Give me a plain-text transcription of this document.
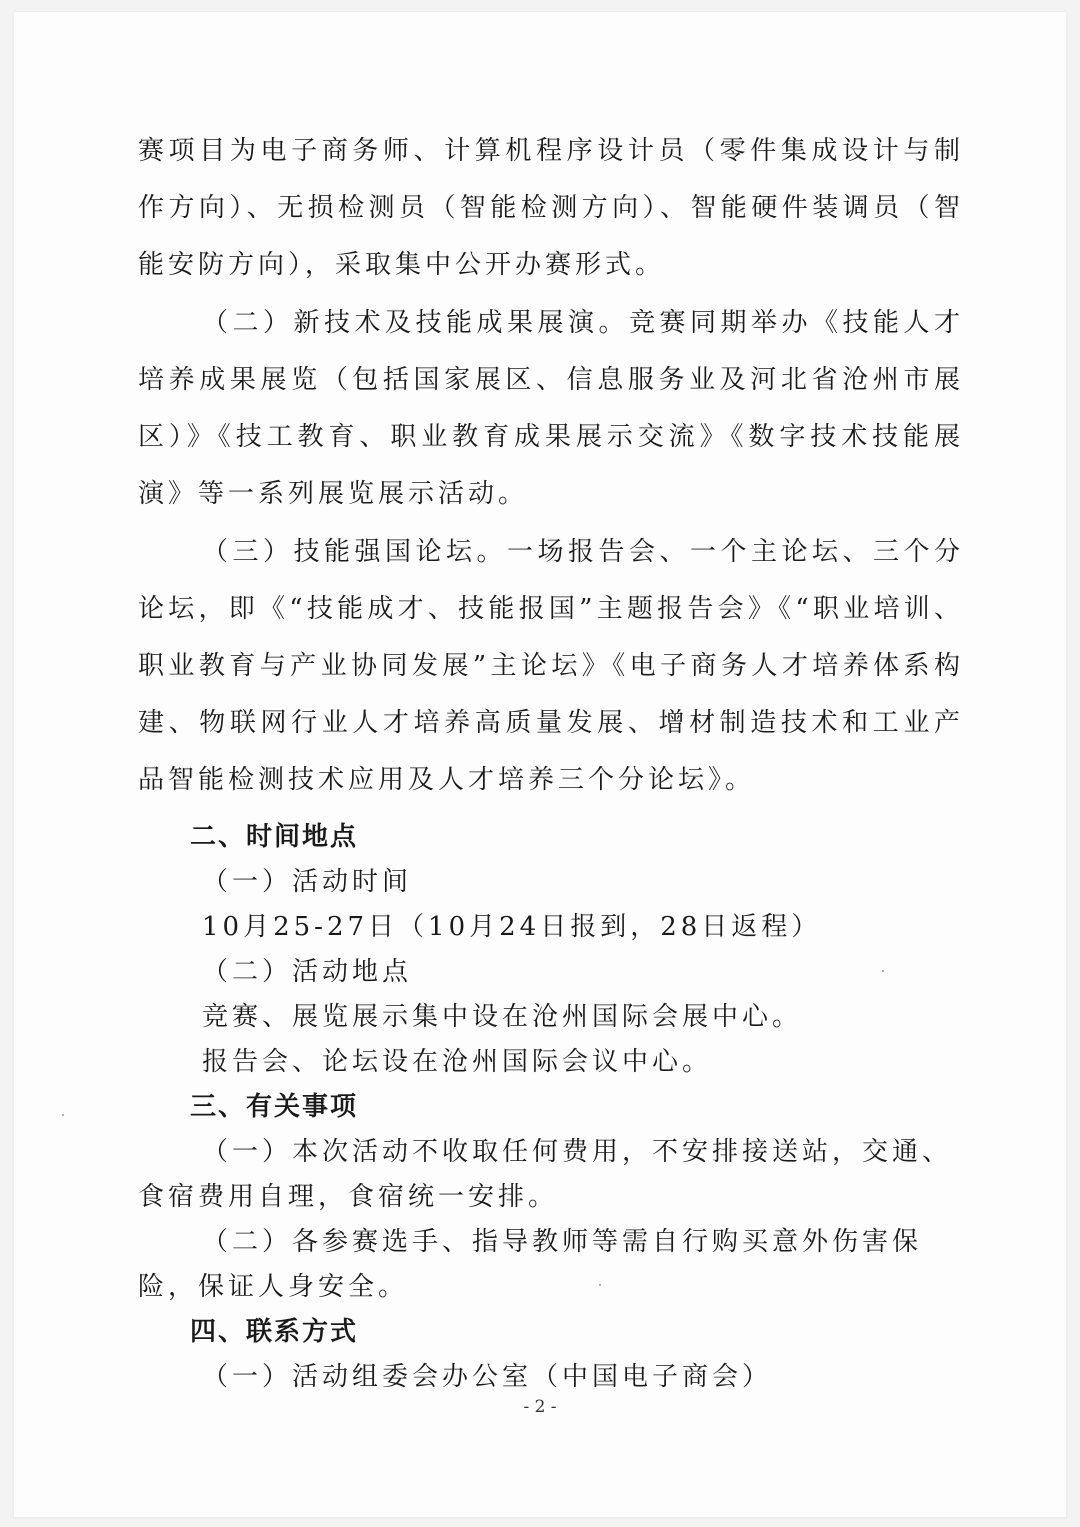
赛项目为电子商务师、计算机程序设计员（零件集成设计与制作方向）、无损检测员（智能检测方向）、智能硬件装调员（智能安防方向），采取集中公开办赛形式。

（二）新技术及技能成果展演。竞赛同期举办《技能人才培养成果展览（包括国家展区、信息服务业及河北省沧州市展区）》《技工教育、职业教育成果展示交流》《数字技术技能展演》等一系列展览展示活动。

（三）技能强国论坛。一场报告会、一个主论坛、三个分论坛，即《“技能成才、技能报国”主题报告会》《“职业培训、职业教育与产业协同发展”主论坛》《电子商务人才培养体系构建、物联网行业人才培养高质量发展、增材制造技术和工业产品智能检测技术应用及人才培养三个分论坛》。

二、时间地点

（一）活动时间

10月25-27日（10月24日报到，28日返程）

（二）活动地点

竞赛、展览展示集中设在沧州国际会展中心。

报告会、论坛设在沧州国际会议中心。

三、有关事项

（一）本次活动不收取任何费用，不安排接送站，交通、食宿费用自理，食宿统一安排。

（二）各参赛选手、指导教师等需自行购买意外伤害保险，保证人身安全。

四、联系方式

（一）活动组委会办公室（中国电子商会）

- 2 -
